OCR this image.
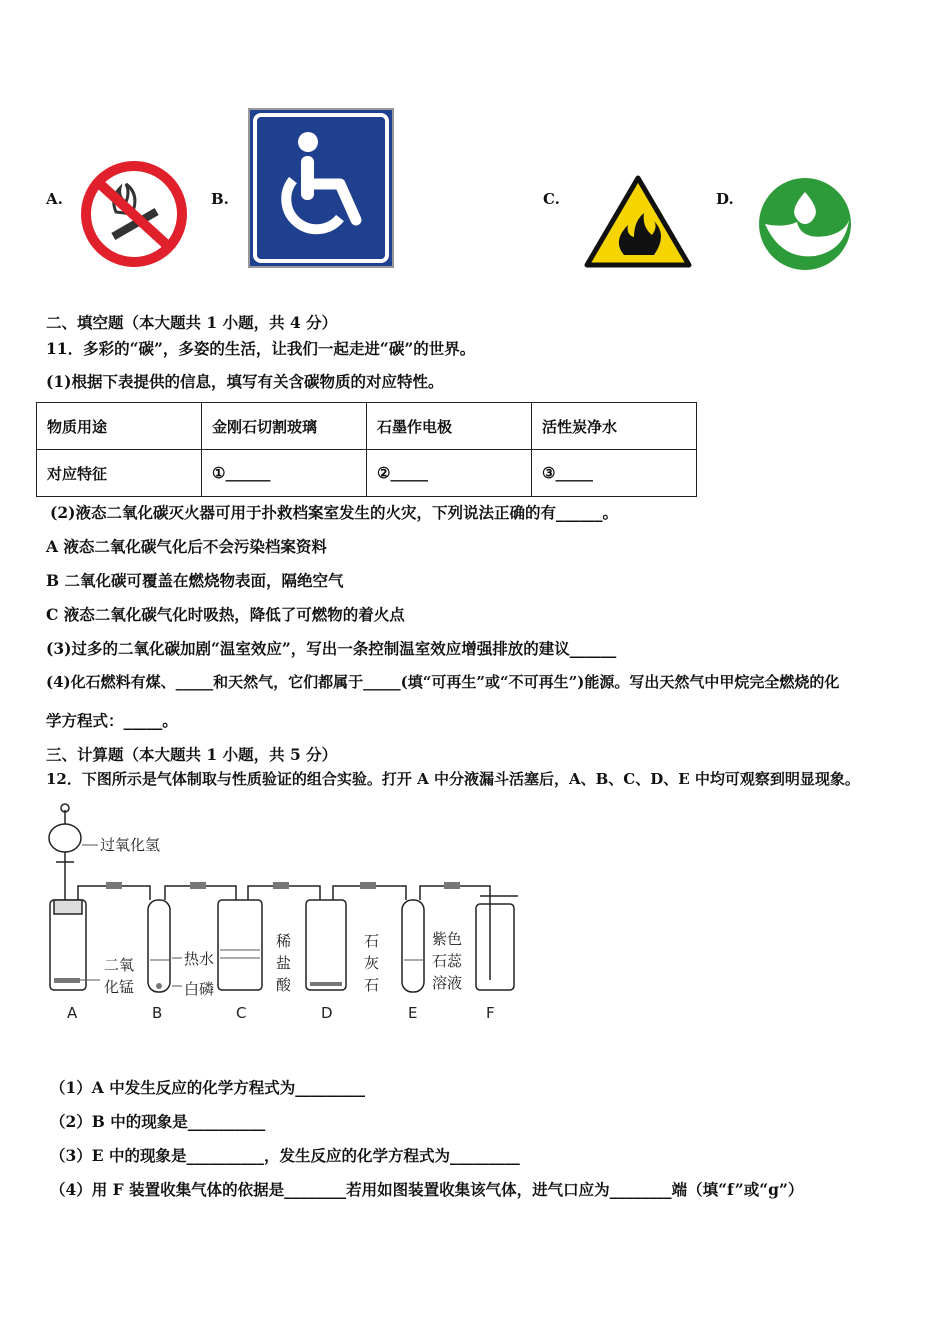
A.	B.	C.	D.
二、填空题（本大题共 1 小题，共 4 分）
11．多彩的“碳”，多姿的生活，让我们一起走进“碳”的世界。
(1)根据下表提供的信息，填写有关含碳物质的对应特性。
物质用途	金刚石切割玻璃	石墨作电极	活性炭净水
对应特征	①______	②_____	③_____
(2)液态二氧化碳灭火器可用于扑救档案室发生的火灾，下列说法正确的有______。
A 液态二氧化碳气化后不会污染档案资料
B 二氧化碳可覆盖在燃烧物表面，隔绝空气
C 液态二氧化碳气化时吸热，降低了可燃物的着火点
(3)过多的二氧化碳加剧“温室效应”，写出一条控制温室效应增强排放的建议______
(4)化石燃料有煤、_____和天然气，它们都属于_____(填“可再生”或“不可再生”)能源。写出天然气中甲烷完全燃烧的化
学方程式：_____。
三、计算题（本大题共 1 小题，共 5 分）
12．下图所示是气体制取与性质验证的组合实验。打开 A 中分液漏斗活塞后，A、B、C、D、E 中均可观察到明显现象。
过氧化氢
二氧
化锰
热水
白磷
稀
盐
酸
石
灰
石
紫色
石蕊
溶液
A	B	C	D	E	F
（1）A 中发生反应的化学方程式为_________
（2）B 中的现象是__________
（3）E 中的现象是__________，发生反应的化学方程式为_________
（4）用 F 装置收集气体的依据是________若用如图装置收集该气体，进气口应为________端（填“f”或“g”）
